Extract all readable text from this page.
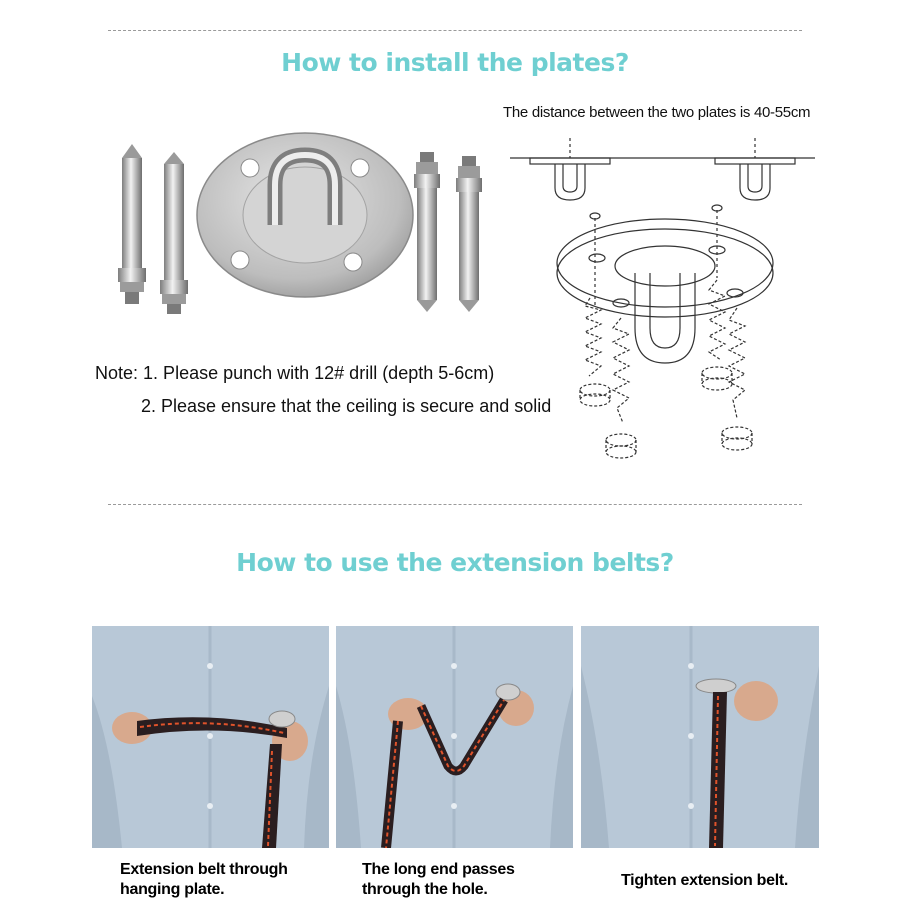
How to install the plates?
The distance between the two plates is 40-55cm
Note: 1. Please punch with 12# drill (depth 5-6cm)
2. Please ensure that the ceiling is secure and solid
How to use the extension belts?
Extension belt through hanging plate.
The long end passes through the hole.
Tighten extension belt.
